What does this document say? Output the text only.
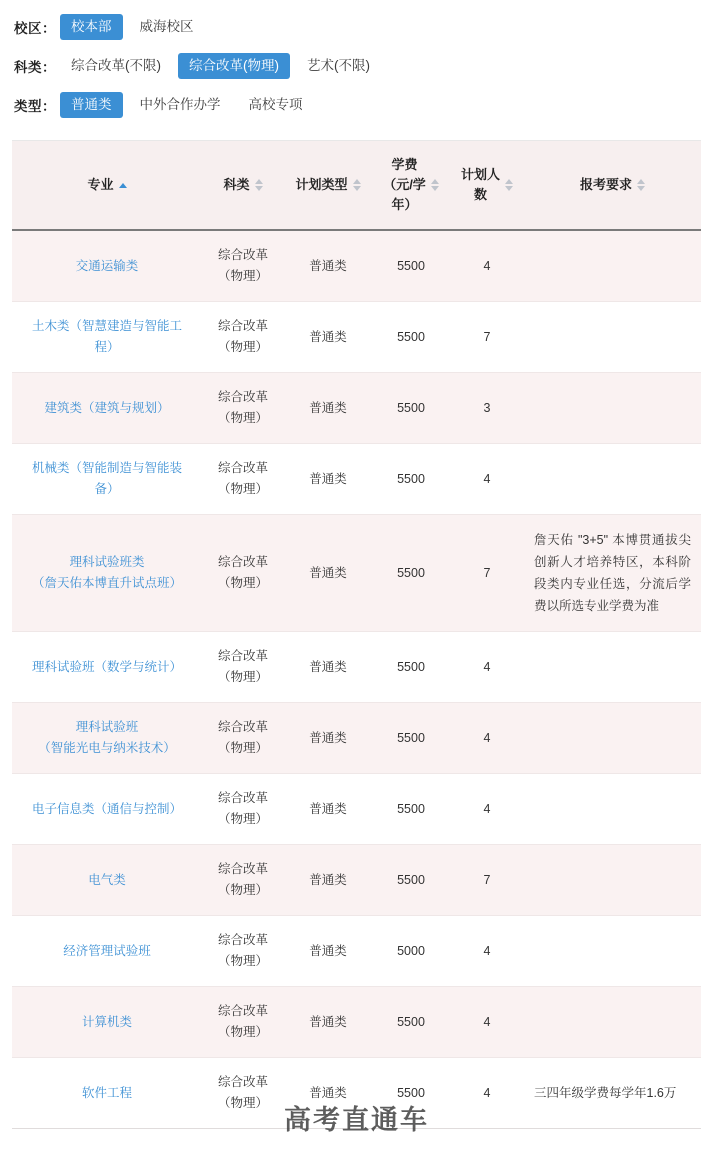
校区：	校本部	威海校区
科类：	综合改革(不限)	综合改革(物理)	艺术(不限)
类型：	普通类	中外合作办学	高校专项
专业	科类	计划类型	学费
（元/学
年）	计划人
数	报考要求

交通运输类	综合改革
（物理）	普通类	5500	4	

土木类（智慧建造与智能工
程）	综合改革
（物理）	普通类	5500	7	

建筑类（建筑与规划）	综合改革
（物理）	普通类	5500	3	

机械类（智能制造与智能装
备）	综合改革
（物理）	普通类	5500	4	

理科试验班类
（詹天佑本博直升试点班）	综合改革
（物理）	普通类	5500	7	詹天佑 "3+5" 本博贯通拔尖创新人才培养特区，本科阶段类内专业任选，分流后学费以所选专业学费为准

理科试验班（数学与统计）	综合改革
（物理）	普通类	5500	4	

理科试验班
（智能光电与纳米技术）	综合改革
（物理）	普通类	5500	4	

电子信息类（通信与控制）	综合改革
（物理）	普通类	5500	4	

电气类	综合改革
（物理）	普通类	5500	7	

经济管理试验班	综合改革
（物理）	普通类	5000	4	

计算机类	综合改革
（物理）	普通类	5500	4	

软件工程	综合改革
（物理）	普通类	5500	4	三四年级学费每学年1.6万
高考直通车
